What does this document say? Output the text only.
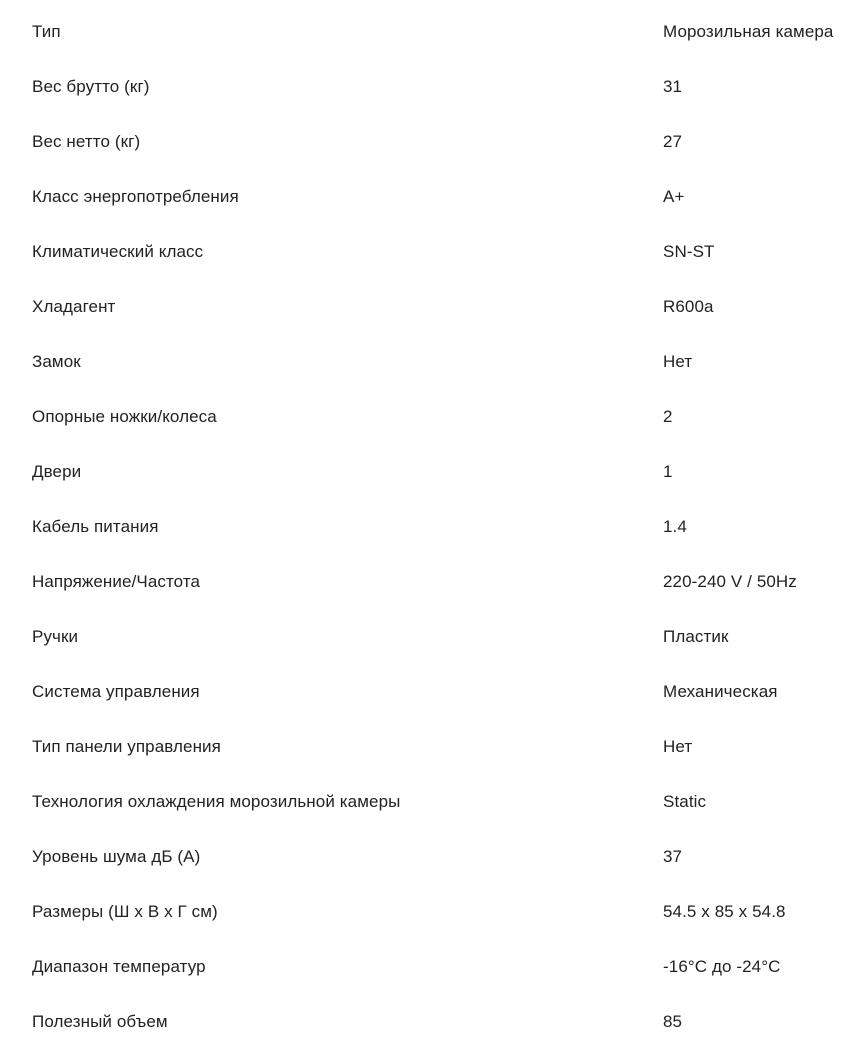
Тип	Морозильная камера
Вес брутто (кг)	31
Вес нетто (кг)	27
Класс энергопотребления	A+
Климатический класс	SN-ST
Хладагент	R600a
Замок	Нет
Опорные ножки/колеса	2
Двери	1
Кабель питания	1.4
Напряжение/Частота	220-240 V / 50Hz
Ручки	Пластик
Система управления	Механическая
Тип панели управления	Нет
Технология охлаждения морозильной камеры	Static
Уровень шума дБ (А)	37
Размеры (Ш x В x Г см)	54.5 x 85 x 54.8
Диапазон температур	-16°С до -24°С
Полезный объем	85
